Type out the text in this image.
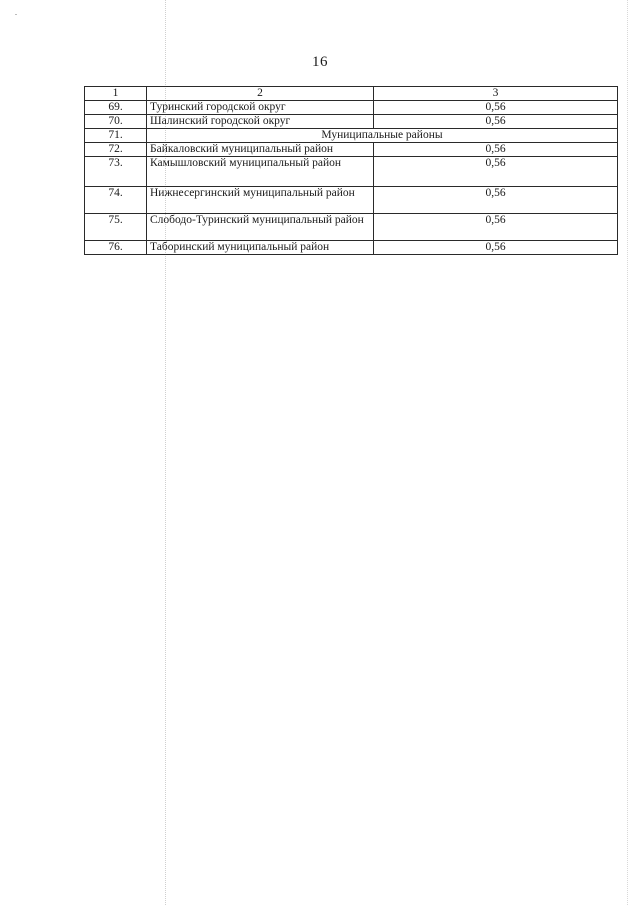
16
1	2	3
69.	Туринский городской округ	0,56
70.	Шалинский городской округ	0,56
71.	Муниципальные районы	
72.	Байкаловский муниципальный район	0,56
73.	Камышловский муниципальный район	0,56
74.	Нижнесергинский муниципальный район	0,56
75.	Слободо-Туринский муниципальный район	0,56
76.	Таборинский муниципальный район	0,56
